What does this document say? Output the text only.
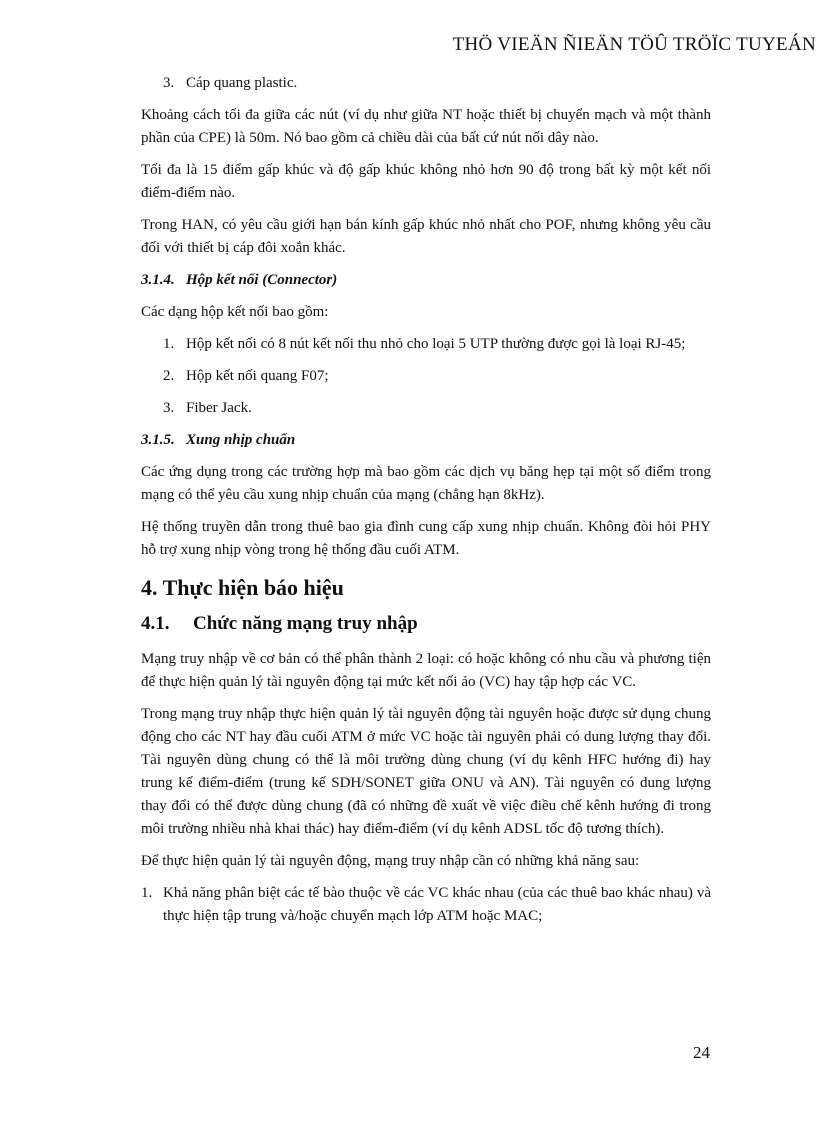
THÖ VIEÄN ÑIEÄN TÖÛ TRÖÏC TUYEÁN
3. Cáp quang plastic.

Khoảng cách tối đa giữa các nút (ví dụ như giữa NT hoặc thiết bị chuyển mạch và một thành phần của CPE) là 50m. Nó bao gồm cả chiều dài của bất cứ nút nối dây nào.

Tối đa là 15 điểm gấp khúc và độ gấp khúc không nhỏ hơn 90 độ trong bất kỳ một kết nối điểm-điểm nào.

Trong HAN, có yêu cầu giới hạn bán kính gấp khúc nhỏ nhất cho POF, nhưng không yêu cầu đối với thiết bị cáp đôi xoắn khác.

3.1.4. Hộp kết nối (Connector)

Các dạng hộp kết nối bao gồm:

1. Hộp kết nối có 8 nút kết nối thu nhỏ cho loại 5 UTP thường được gọi là loại RJ-45;
2. Hộp kết nối quang F07;
3. Fiber Jack.
3.1.5. Xung nhịp chuẩn

Các ứng dụng trong các trường hợp mà bao gồm các dịch vụ băng hẹp tại một số điểm trong mạng có thể yêu cầu xung nhịp chuẩn của mạng (chẳng hạn 8kHz).

Hệ thống truyền dẫn trong thuê bao gia đình cung cấp xung nhịp chuẩn. Không đòi hỏi PHY hỗ trợ xung nhịp vòng trong hệ thống đầu cuối ATM.

4. Thực hiện báo hiệu
4.1. Chức năng mạng truy nhập

Mạng truy nhập về cơ bản có thể phân thành 2 loại: có hoặc không có nhu cầu và phương tiện để thực hiện quản lý tài nguyên động tại mức kết nối ảo (VC) hay tập hợp các VC.

Trong mạng truy nhập thực hiện quản lý tài nguyên động tài nguyên hoặc được sử dụng chung động cho các NT hay đầu cuối ATM ở mức VC hoặc tài nguyên phải có dung lượng thay đổi. Tài nguyên dùng chung có thể là môi trường dùng chung (ví dụ kênh HFC hướng đi) hay trung kế điểm-điểm (trung kế SDH/SONET giữa ONU và AN). Tài nguyên có dung lượng thay đổi có thể được dùng chung (đã có những đề xuất về việc điều chế kênh hướng đi trong môi trường nhiều nhà khai thác) hay điểm-điểm (ví dụ kênh ADSL tốc độ tương thích).

Để thực hiện quản lý tài nguyên động, mạng truy nhập cần có những khả năng sau:

1. Khả năng phân biệt các tế bào thuộc về các VC khác nhau (của các thuê bao khác nhau) và thực hiện tập trung và/hoặc chuyển mạch lớp ATM hoặc MAC;
24
